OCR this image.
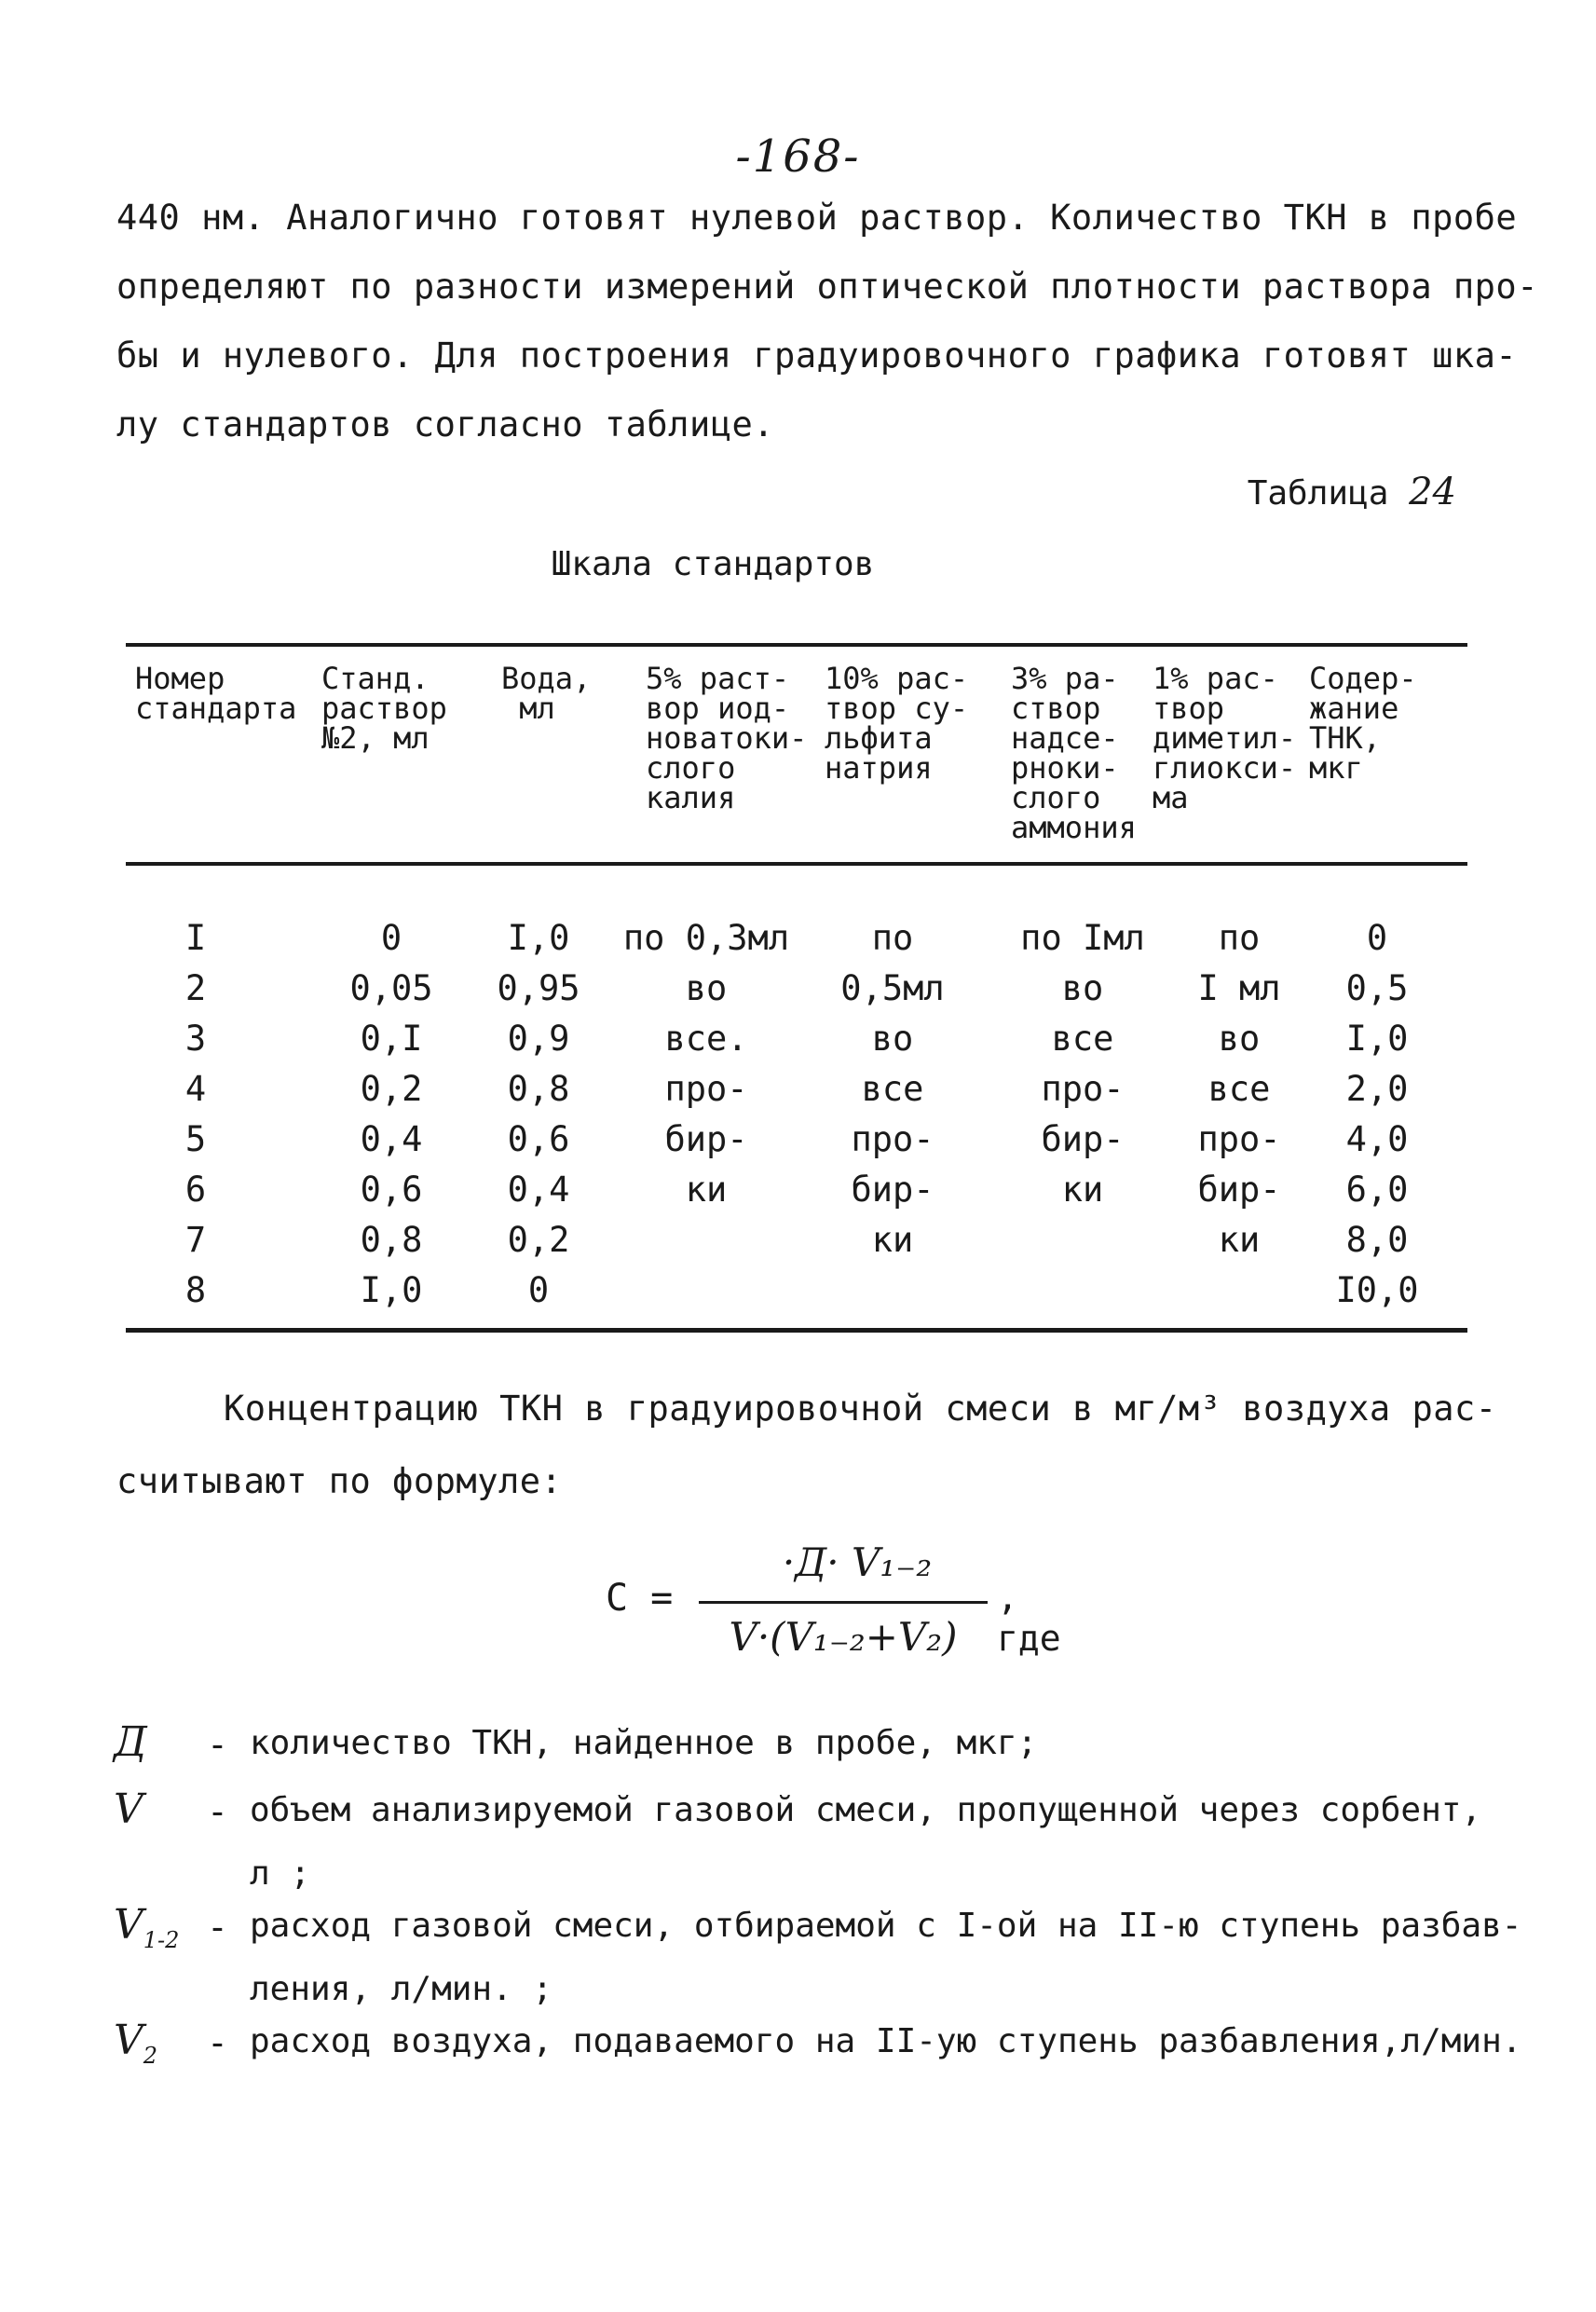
-168-
440 нм. Аналогично готовят нулевой раствор. Количество ТКН в пробе
определяют по разности измерений оптической плотности раствора про-
бы и нулевого. Для построения градуировочного графика готовят шка-
лу стандартов согласно таблице.
Таблица 24
Шкала стандартов
Номер
стандарта
Станд.
раствор
№2, мл
Вода,
мл
5% раст-
вор иод-
новатоки-
слого
калия
10% рас-
твор су-
льфита
натрия
3% ра-
створ
надсе-
рноки-
слого
аммония
1% рас-
твор
диметил-
глиокси-
ма
Содер-
жание
ТНК,
мкг
I
2
3
4
5
6
7
8
0
0,05
0,I
0,2
0,4
0,6
0,8
I,0
I,0
0,95
0,9
0,8
0,6
0,4
0,2
0
по 0,3мл
во
все.
про-
бир-
ки
по
0,5мл
во
все
про-
бир-
ки
по Iмл
во
все
про-
бир-
ки
по
I мл
во
все
про-
бир-
ки
0
0,5
I,0
2,0
4,0
6,0
8,0
I0,0
Концентрацию ТКН в градуировочной смеси в мг/м³ воздуха рас-
считывают по формуле:
C =
·Д· V₁₋₂
V·(V₁₋₂+V₂)
, где
Д - количество ТКН, найденное в пробе, мкг;
V - объем анализируемой газовой смеси, пропущенной через сорбент,
л ;
$V_{1-2}$ - расход газовой смеси, отбираемой с I-ой на II-ю ступень разбав-
ления, л/мин. ;
$V_2$ - расход воздуха, подаваемого на II-ую ступень разбавления,л/мин.
